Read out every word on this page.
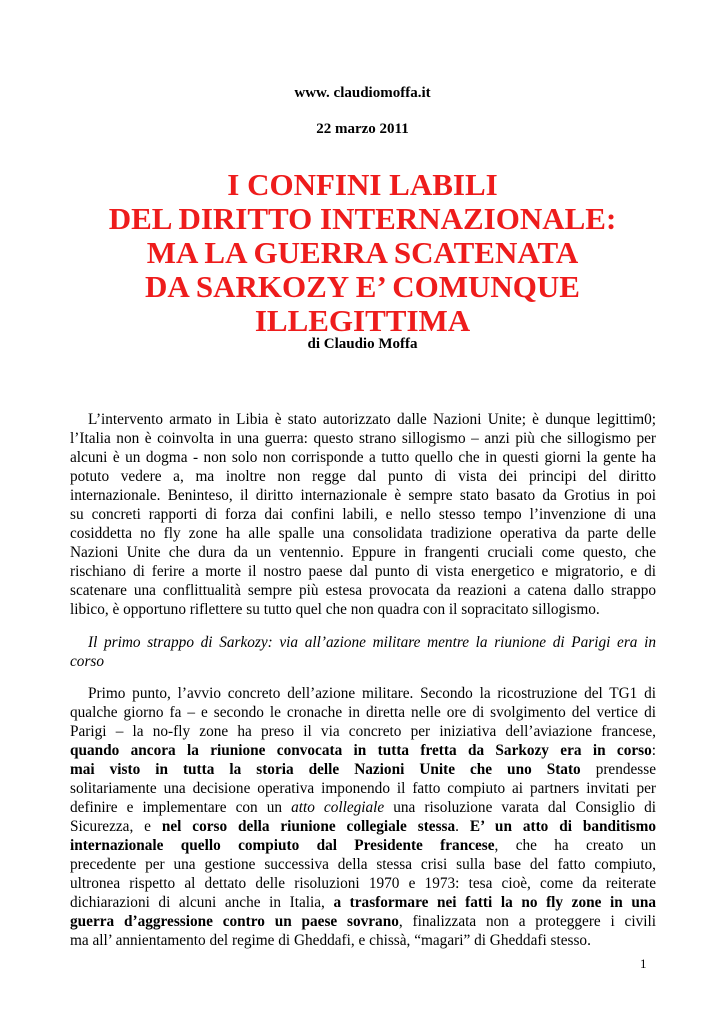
www. claudiomoffa.it
22 marzo 2011
I CONFINI LABILI
DEL DIRITTO INTERNAZIONALE:
MA LA GUERRA SCATENATA
DA SARKOZY E’ COMUNQUE
ILLEGITTIMA
di Claudio Moffa

L’intervento armato in Libia è stato autorizzato dalle Nazioni Unite; è dunque legittim0;
l’Italia non è coinvolta in una guerra: questo strano sillogismo – anzi più che sillogismo per
alcuni è un dogma - non solo non corrisponde a tutto quello che in questi giorni la gente ha
potuto vedere a, ma inoltre non regge dal punto di vista dei principi del diritto
internazionale. Beninteso, il diritto internazionale è sempre stato basato da Grotius in poi
su concreti rapporti di forza dai confini labili, e nello stesso tempo l’invenzione di una
cosiddetta no fly zone ha alle spalle una consolidata tradizione operativa da parte delle
Nazioni Unite che dura da un ventennio. Eppure in frangenti cruciali come questo, che
rischiano di ferire a morte il nostro paese dal punto di vista energetico e migratorio, e di
scatenare una conflittualità sempre più estesa provocata da reazioni a catena dallo strappo
libico, è opportuno riflettere su tutto quel che non quadra con il sopracitato sillogismo.

Il primo strappo di Sarkozy: via all’azione militare mentre la riunione di Parigi era in
corso

Primo punto, l’avvio concreto dell’azione militare. Secondo la ricostruzione del TG1 di
qualche giorno fa – e secondo le cronache in diretta nelle ore di svolgimento del vertice di
Parigi – la no-fly zone ha preso il via concreto per iniziativa dell’aviazione francese,
quando ancora la riunione convocata in tutta fretta da Sarkozy era in corso:
mai visto in tutta la storia delle Nazioni Unite che uno Stato prendesse
solitariamente una decisione operativa imponendo il fatto compiuto ai partners invitati per
definire e implementare con un atto collegiale una risoluzione varata dal Consiglio di
Sicurezza, e nel corso della riunione collegiale stessa. E’ un atto di banditismo
internazionale quello compiuto dal Presidente francese, che ha creato un
precedente per una gestione successiva della stessa crisi sulla base del fatto compiuto,
ultronea rispetto al dettato delle risoluzioni 1970 e 1973: tesa cioè, come da reiterate
dichiarazioni di alcuni anche in Italia, a trasformare nei fatti la no fly zone in una
guerra d’aggressione contro un paese sovrano, finalizzata non a proteggere i civili
ma all’ annientamento del regime di Gheddafi, e chissà, “magari” di Gheddafi stesso.

1
